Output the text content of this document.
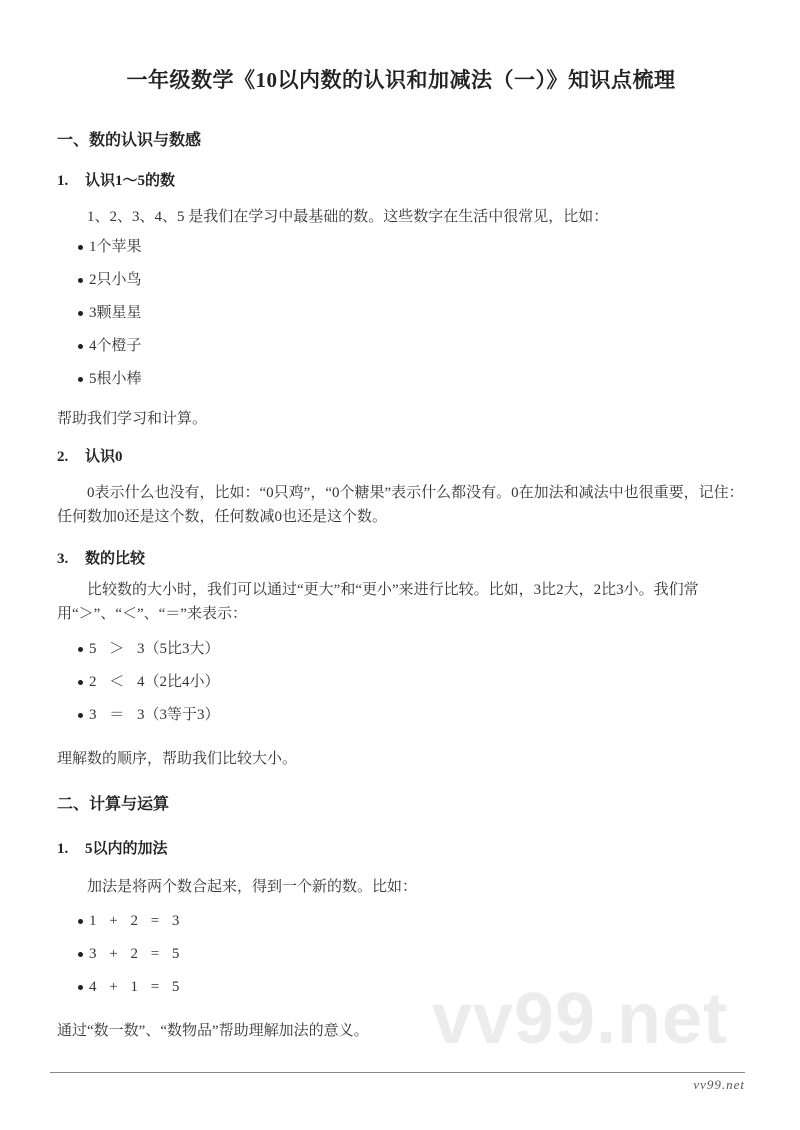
vv99.net
一年级数学《10以内数的认识和加减法（一）》知识点梳理
一、数的认识与数感
1. 认识1～5的数

1、2、3、4、5 是我们在学习中最基础的数。这些数字在生活中很常见，比如：

1个苹果
2只小鸟
3颗星星
4个橙子
5根小棒

帮助我们学习和计算。

2. 认识0

0表示什么也没有，比如：“0只鸡”，“0个糖果”表示什么都没有。0在加法和减法中也很重要，记住：任何数加0还是这个数，任何数减0也还是这个数。

3. 数的比较

比较数的大小时，我们可以通过“更大”和“更小”来进行比较。比如，3比2大，2比3小。我们常用“＞”、“＜”、“＝”来表示：

5 ＞ 3（5比3大）
2 ＜ 4（2比4小）
3 ＝ 3（3等于3）

理解数的顺序，帮助我们比较大小。

二、计算与运算
1. 5以内的加法

加法是将两个数合起来，得到一个新的数。比如：

1 + 2 = 3
3 + 2 = 5
4 + 1 = 5

通过“数一数”、“数物品”帮助理解加法的意义。

vv99.net
